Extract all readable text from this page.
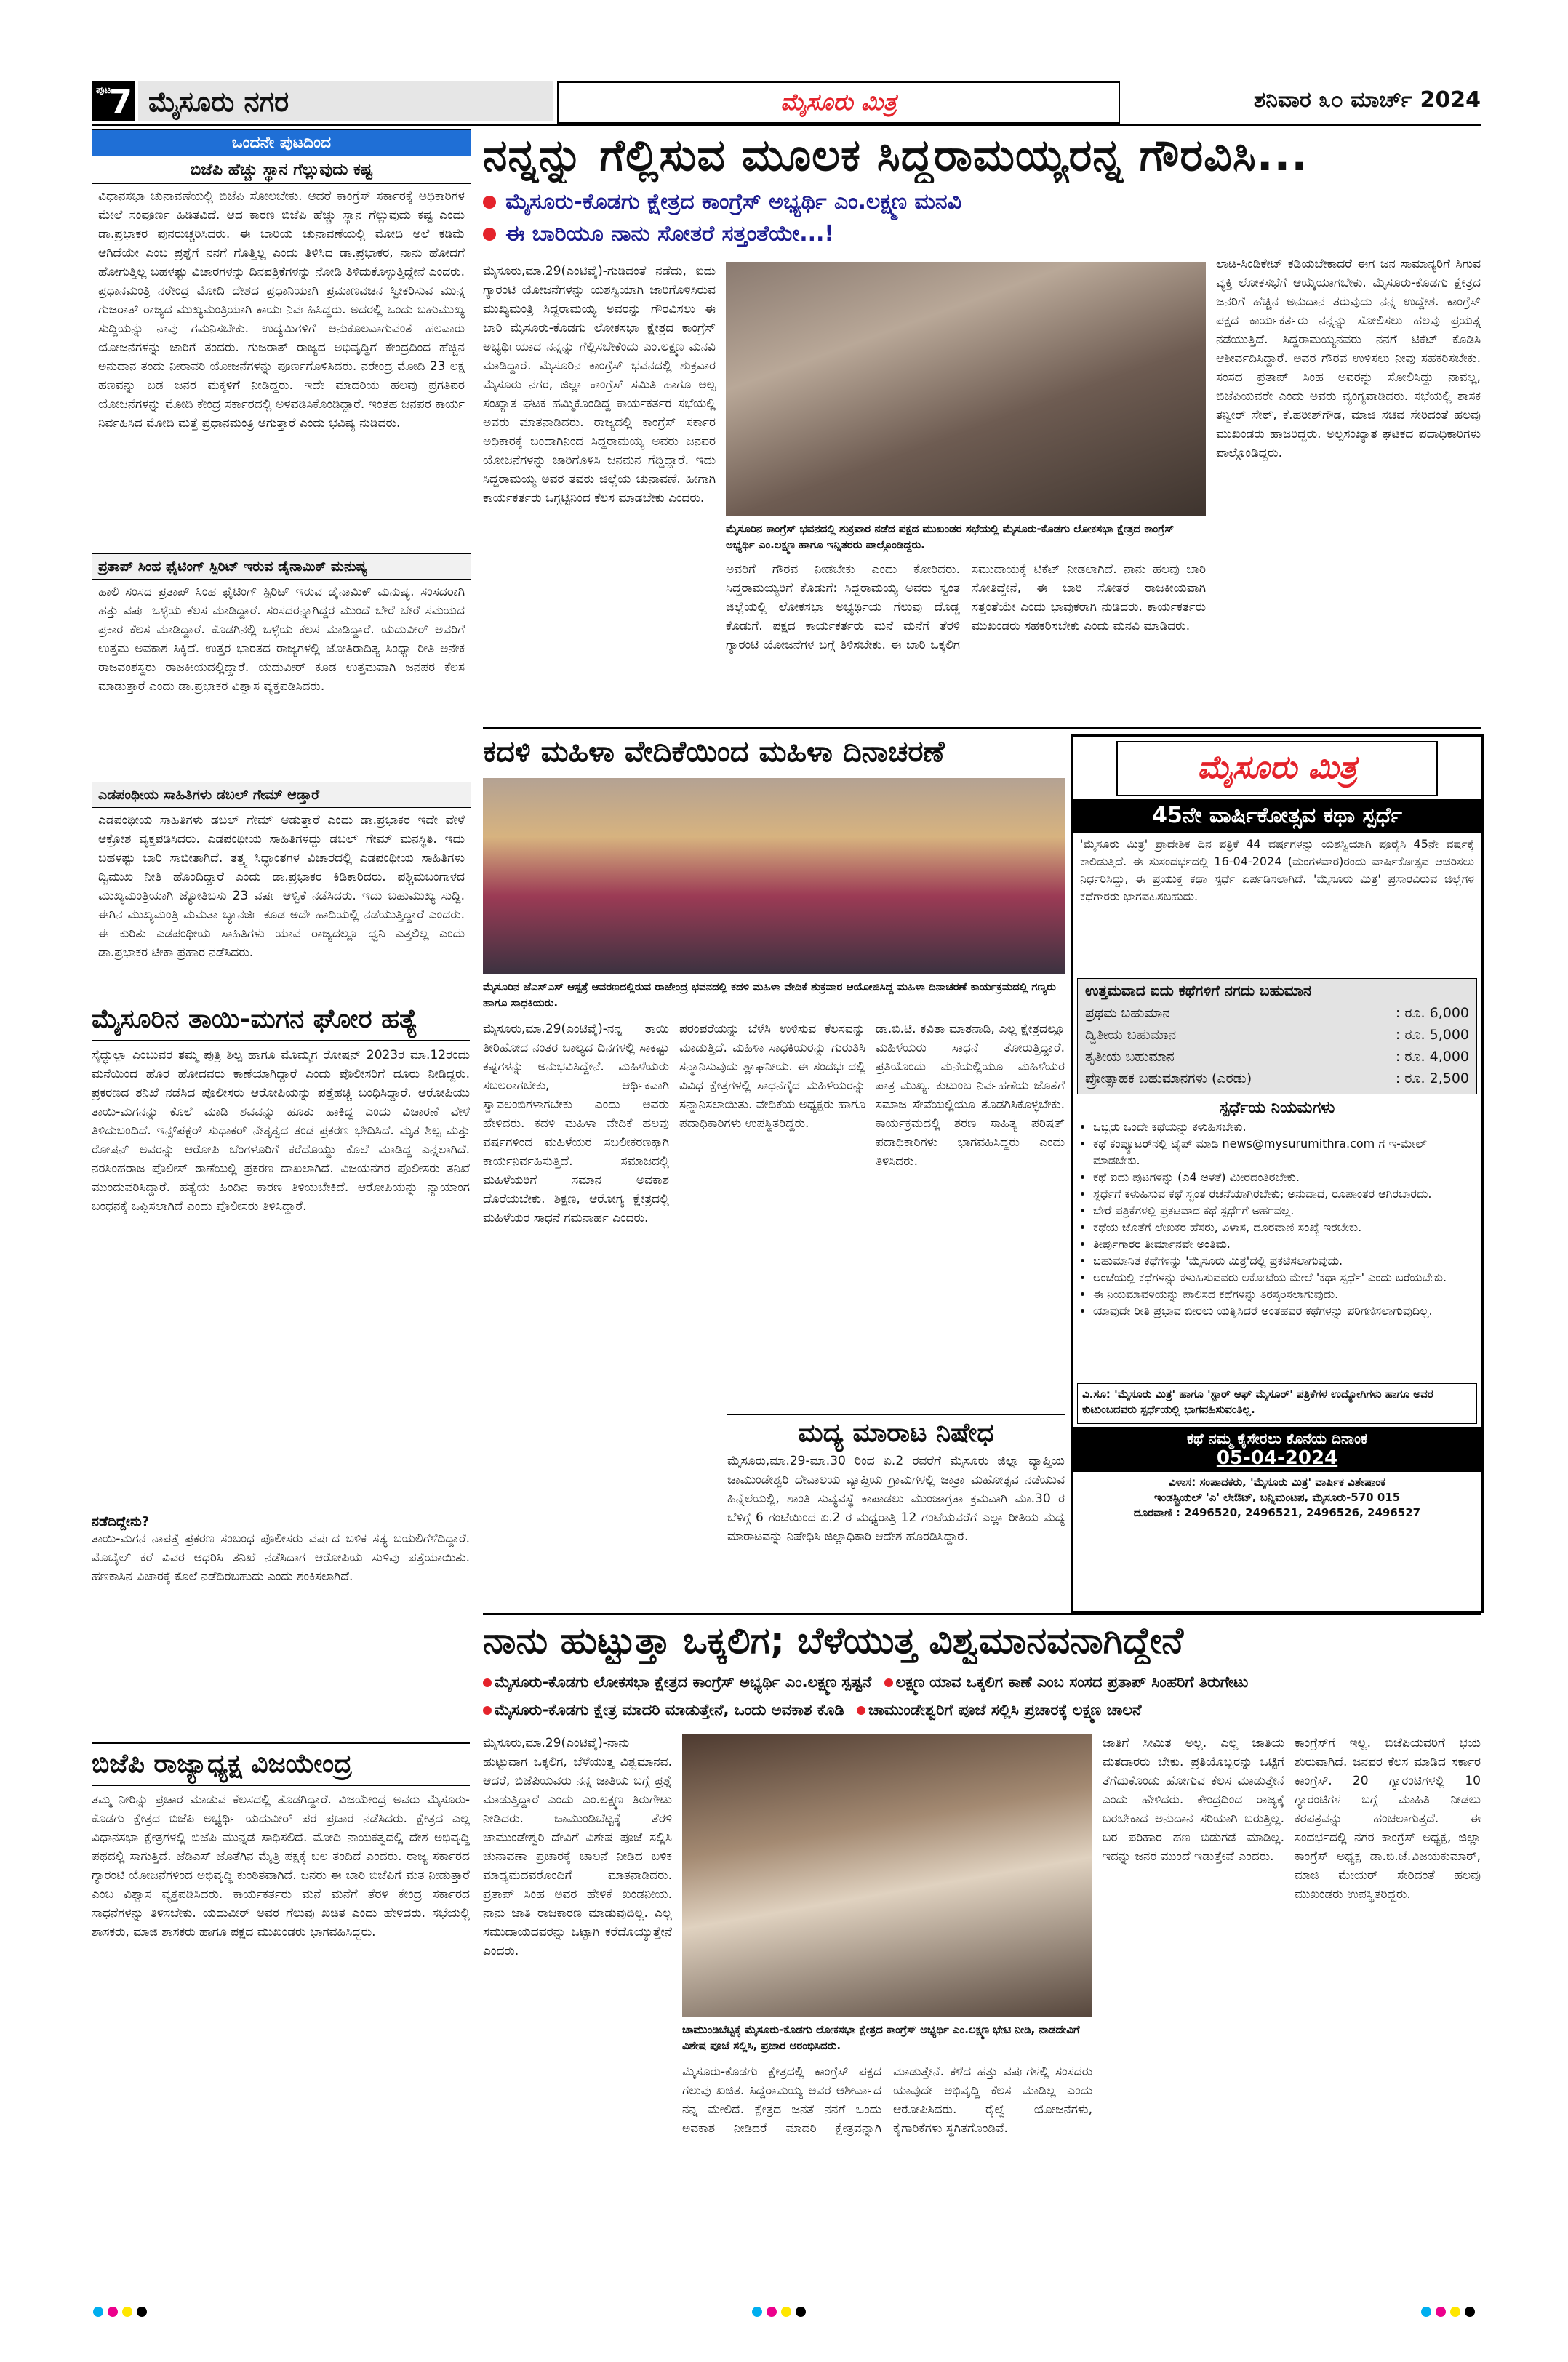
ಪುಟ
7 ಮೈಸೂರು ನಗರ	ಮೈಸೂರು ಮಿತ್ರ	ಶನಿವಾರ ೩೦ ಮಾರ್ಚ್ 2024
ಒಂದನೇ ಪುಟದಿಂದ
ಬಿಜೆಪಿ ಹೆಚ್ಚು ಸ್ಥಾನ ಗೆಲ್ಲುವುದು ಕಷ್ಟ
ವಿಧಾನಸಭಾ ಚುನಾವಣೆಯಲ್ಲಿ ಬಿಜೆಪಿ ಸೋಲಬೇಕು. ಆದರೆ ಕಾಂಗ್ರೆಸ್ ಸರ್ಕಾರಕ್ಕೆ ಅಧಿಕಾರಿಗಳ ಮೇಲೆ ಸಂಪೂರ್ಣ ಹಿಡಿತವಿದೆ. ಆದ ಕಾರಣ ಬಿಜೆಪಿ ಹೆಚ್ಚು ಸ್ಥಾನ ಗೆಲ್ಲುವುದು ಕಷ್ಟ ಎಂದು ಡಾ.ಪ್ರಭಾಕರ ಪುನರುಚ್ಚರಿಸಿದರು. ಈ ಬಾರಿಯ ಚುನಾವಣೆಯಲ್ಲಿ ಮೋದಿ ಅಲೆ ಕಡಿಮೆ ಆಗಿದೆಯೇ ಎಂಬ ಪ್ರಶ್ನೆಗೆ ನನಗೆ ಗೊತ್ತಿಲ್ಲ ಎಂದು ತಿಳಿಸಿದ ಡಾ.ಪ್ರಭಾಕರ, ನಾನು ಹೋದಗೆ ಹೋಗುತ್ತಿಲ್ಲ ಬಹಳಷ್ಟು ವಿಚಾರಗಳನ್ನು ದಿನಪತ್ರಿಕೆಗಳನ್ನು ನೋಡಿ ತಿಳಿದುಕೊಳ್ಳುತ್ತಿದ್ದೇನೆ ಎಂದರು. ಪ್ರಧಾನಮಂತ್ರಿ ನರೇಂದ್ರ ಮೋದಿ ದೇಶದ ಪ್ರಧಾನಿಯಾಗಿ ಪ್ರಮಾಣವಚನ ಸ್ವೀಕರಿಸುವ ಮುನ್ನ ಗುಜರಾತ್ ರಾಜ್ಯದ ಮುಖ್ಯಮಂತ್ರಿಯಾಗಿ ಕಾರ್ಯನಿರ್ವಹಿಸಿದ್ದರು. ಅದರಲ್ಲಿ ಒಂದು ಬಹುಮುಖ್ಯ ಸುದ್ದಿಯನ್ನು ನಾವು ಗಮನಿಸಬೇಕು. ಉದ್ಯಮಿಗಳಿಗೆ ಅನುಕೂಲವಾಗುವಂತೆ ಹಲವಾರು ಯೋಜನೆಗಳನ್ನು ಜಾರಿಗೆ ತಂದರು. ಗುಜರಾತ್ ರಾಜ್ಯದ ಅಭಿವೃದ್ಧಿಗೆ ಕೇಂದ್ರದಿಂದ ಹೆಚ್ಚಿನ ಅನುದಾನ ತಂದು ನೀರಾವರಿ ಯೋಜನೆಗಳನ್ನು ಪೂರ್ಣಗೊಳಿಸಿದರು. ನರೇಂದ್ರ ಮೋದಿ 23 ಲಕ್ಷ ಹಣವನ್ನು ಬಡ ಜನರ ಮಕ್ಕಳಿಗೆ ನೀಡಿದ್ದರು. ಇದೇ ಮಾದರಿಯ ಹಲವು ಪ್ರಗತಿಪರ ಯೋಜನೆಗಳನ್ನು ಮೋದಿ ಕೇಂದ್ರ ಸರ್ಕಾರದಲ್ಲಿ ಅಳವಡಿಸಿಕೊಂಡಿದ್ದಾರೆ. ಇಂತಹ ಜನಪರ ಕಾರ್ಯ ನಿರ್ವಹಿಸಿದ ಮೋದಿ ಮತ್ತೆ ಪ್ರಧಾನಮಂತ್ರಿ ಆಗುತ್ತಾರೆ ಎಂದು ಭವಿಷ್ಯ ನುಡಿದರು.
ಪ್ರತಾಪ್ ಸಿಂಹ ಫೈಟಿಂಗ್ ಸ್ಪಿರಿಟ್ ಇರುವ ಡೈನಾಮಿಕ್ ಮನುಷ್ಯ
ಹಾಲಿ ಸಂಸದ ಪ್ರತಾಪ್ ಸಿಂಹ ಫೈಟಿಂಗ್ ಸ್ಪಿರಿಟ್ ಇರುವ ಡೈನಾಮಿಕ್ ಮನುಷ್ಯ. ಸಂಸದರಾಗಿ ಹತ್ತು ವರ್ಷ ಒಳ್ಳೆಯ ಕೆಲಸ ಮಾಡಿದ್ದಾರೆ. ಸಂಸದರನ್ನಾಗಿದ್ದರ ಮುಂದೆ ಬೇರೆ ಬೇರೆ ಸಮಯದ ಪ್ರಕಾರ ಕೆಲಸ ಮಾಡಿದ್ದಾರೆ. ಕೊಡಗಿನಲ್ಲಿ ಒಳ್ಳೆಯ ಕೆಲಸ ಮಾಡಿದ್ದಾರೆ. ಯದುವೀರ್ ಅವರಿಗೆ ಉತ್ತಮ ಅವಕಾಶ ಸಿಕ್ಕಿದೆ. ಉತ್ತರ ಭಾರತದ ರಾಜ್ಯಗಳಲ್ಲಿ ಜೋತಿರಾದಿತ್ಯ ಸಿಂಧ್ಯಾ ರೀತಿ ಅನೇಕ ರಾಜವಂಶಸ್ಥರು ರಾಜಕೀಯದಲ್ಲಿದ್ದಾರೆ. ಯದುವೀರ್ ಕೂಡ ಉತ್ತಮವಾಗಿ ಜನಪರ ಕೆಲಸ ಮಾಡುತ್ತಾರೆ ಎಂದು ಡಾ.ಪ್ರಭಾಕರ ವಿಶ್ವಾಸ ವ್ಯಕ್ತಪಡಿಸಿದರು.
ಎಡಪಂಥೀಯ ಸಾಹಿತಿಗಳು ಡಬಲ್ ಗೇಮ್ ಆಡ್ತಾರೆ
ಎಡಪಂಥೀಯ ಸಾಹಿತಿಗಳು ಡಬಲ್ ಗೇಮ್ ಆಡುತ್ತಾರೆ ಎಂದು ಡಾ.ಪ್ರಭಾಕರ ಇದೇ ವೇಳೆ ಆಕ್ರೋಶ ವ್ಯಕ್ತಪಡಿಸಿದರು. ಎಡಪಂಥೀಯ ಸಾಹಿತಿಗಳದ್ದು ಡಬಲ್ ಗೇಮ್ ಮನಸ್ಥಿತಿ. ಇದು ಬಹಳಷ್ಟು ಬಾರಿ ಸಾಬೀತಾಗಿದೆ. ತತ್ತ್ವ ಸಿದ್ಧಾಂತಗಳ ವಿಚಾರದಲ್ಲಿ ಎಡಪಂಥೀಯ ಸಾಹಿತಿಗಳು ದ್ವಿಮುಖ ನೀತಿ ಹೊಂದಿದ್ದಾರೆ ಎಂದು ಡಾ.ಪ್ರಭಾಕರ ಕಿಡಿಕಾರಿದರು. ಪಶ್ಚಿಮಬಂಗಾಳದ ಮುಖ್ಯಮಂತ್ರಿಯಾಗಿ ಜ್ಯೋತಿಬಸು 23 ವರ್ಷ ಆಳ್ವಿಕೆ ನಡೆಸಿದರು. ಇದು ಬಹುಮುಖ್ಯ ಸುದ್ದಿ. ಈಗಿನ ಮುಖ್ಯಮಂತ್ರಿ ಮಮತಾ ಬ್ಯಾನರ್ಜಿ ಕೂಡ ಅದೇ ಹಾದಿಯಲ್ಲಿ ನಡೆಯುತ್ತಿದ್ದಾರೆ ಎಂದರು. ಈ ಕುರಿತು ಎಡಪಂಥೀಯ ಸಾಹಿತಿಗಳು ಯಾವ ರಾಜ್ಯದಲ್ಲೂ ಧ್ವನಿ ಎತ್ತಲಿಲ್ಲ ಎಂದು ಡಾ.ಪ್ರಭಾಕರ ಟೀಕಾ ಪ್ರಹಾರ ನಡೆಸಿದರು.
ಮೈಸೂರಿನ ತಾಯಿ-ಮಗನ ಘೋರ ಹತ್ಯೆ
ಸೈದ್ಧುಲ್ಲಾ ಎಂಬುವರ ತಮ್ಮ ಪುತ್ರಿ ಶಿಲ್ಪ ಹಾಗೂ ಮೊಮ್ಮಗ ರೋಷನ್ 2023ರ ಮಾ.12ರಂದು ಮನೆಯಿಂದ ಹೊರ ಹೋದವರು ಕಾಣೆಯಾಗಿದ್ದಾರೆ ಎಂದು ಪೊಲೀಸರಿಗೆ ದೂರು ನೀಡಿದ್ದರು. ಪ್ರಕರಣದ ತನಿಖೆ ನಡೆಸಿದ ಪೊಲೀಸರು ಆರೋಪಿಯನ್ನು ಪತ್ತೆಹಚ್ಚಿ ಬಂಧಿಸಿದ್ದಾರೆ. ಆರೋಪಿಯು ತಾಯಿ-ಮಗನನ್ನು ಕೊಲೆ ಮಾಡಿ ಶವವನ್ನು ಹೂತು ಹಾಕಿದ್ದ ಎಂದು ವಿಚಾರಣೆ ವೇಳೆ ತಿಳಿದುಬಂದಿದೆ. ಇನ್ಸ್‌ಪೆಕ್ಟರ್ ಸುಧಾಕರ್ ನೇತೃತ್ವದ ತಂಡ ಪ್ರಕರಣ ಭೇದಿಸಿದೆ. ಮೃತ ಶಿಲ್ಪ ಮತ್ತು ರೋಷನ್ ಅವರನ್ನು ಆರೋಪಿ ಬೆಂಗಳೂರಿಗೆ ಕರೆದೊಯ್ದು ಕೊಲೆ ಮಾಡಿದ್ದ ಎನ್ನಲಾಗಿದೆ. ನರಸಿಂಹರಾಜ ಪೊಲೀಸ್ ಠಾಣೆಯಲ್ಲಿ ಪ್ರಕರಣ ದಾಖಲಾಗಿದೆ. ವಿಜಯನಗರ ಪೊಲೀಸರು ತನಿಖೆ ಮುಂದುವರಿಸಿದ್ದಾರೆ. ಹತ್ಯೆಯ ಹಿಂದಿನ ಕಾರಣ ತಿಳಿಯಬೇಕಿದೆ. ಆರೋಪಿಯನ್ನು ನ್ಯಾಯಾಂಗ ಬಂಧನಕ್ಕೆ ಒಪ್ಪಿಸಲಾಗಿದೆ ಎಂದು ಪೊಲೀಸರು ತಿಳಿಸಿದ್ದಾರೆ.
ನಡೆದಿದ್ದೇನು?
ತಾಯಿ-ಮಗನ ನಾಪತ್ತೆ ಪ್ರಕರಣ ಸಂಬಂಧ ಪೊಲೀಸರು ವರ್ಷದ ಬಳಿಕ ಸತ್ಯ ಬಯಲಿಗೆಳೆದಿದ್ದಾರೆ. ಮೊಬೈಲ್ ಕರೆ ವಿವರ ಆಧರಿಸಿ ತನಿಖೆ ನಡೆಸಿದಾಗ ಆರೋಪಿಯ ಸುಳಿವು ಪತ್ತೆಯಾಯಿತು. ಹಣಕಾಸಿನ ವಿಚಾರಕ್ಕೆ ಕೊಲೆ ನಡೆದಿರಬಹುದು ಎಂದು ಶಂಕಿಸಲಾಗಿದೆ.
ಬಿಜೆಪಿ ರಾಜ್ಯಾಧ್ಯಕ್ಷ ವಿಜಯೇಂದ್ರ
ತಮ್ಮ ನೀರಿನ್ನು ಪ್ರಚಾರ ಮಾಡುವ ಕೆಲಸದಲ್ಲಿ ತೊಡಗಿದ್ದಾರೆ. ವಿಜಯೇಂದ್ರ ಅವರು ಮೈಸೂರು-ಕೊಡಗು ಕ್ಷೇತ್ರದ ಬಿಜೆಪಿ ಅಭ್ಯರ್ಥಿ ಯದುವೀರ್ ಪರ ಪ್ರಚಾರ ನಡೆಸಿದರು. ಕ್ಷೇತ್ರದ ಎಲ್ಲ ವಿಧಾನಸಭಾ ಕ್ಷೇತ್ರಗಳಲ್ಲಿ ಬಿಜೆಪಿ ಮುನ್ನಡೆ ಸಾಧಿಸಲಿದೆ. ಮೋದಿ ನಾಯಕತ್ವದಲ್ಲಿ ದೇಶ ಅಭಿವೃದ್ಧಿ ಪಥದಲ್ಲಿ ಸಾಗುತ್ತಿದೆ. ಜೆಡಿಎಸ್ ಜೊತೆಗಿನ ಮೈತ್ರಿ ಪಕ್ಷಕ್ಕೆ ಬಲ ತಂದಿದೆ ಎಂದರು. ರಾಜ್ಯ ಸರ್ಕಾರದ ಗ್ಯಾರಂಟಿ ಯೋಜನೆಗಳಿಂದ ಅಭಿವೃದ್ಧಿ ಕುಂಠಿತವಾಗಿದೆ. ಜನರು ಈ ಬಾರಿ ಬಿಜೆಪಿಗೆ ಮತ ನೀಡುತ್ತಾರೆ ಎಂಬ ವಿಶ್ವಾಸ ವ್ಯಕ್ತಪಡಿಸಿದರು. ಕಾರ್ಯಕರ್ತರು ಮನೆ ಮನೆಗೆ ತೆರಳಿ ಕೇಂದ್ರ ಸರ್ಕಾರದ ಸಾಧನೆಗಳನ್ನು ತಿಳಿಸಬೇಕು. ಯದುವೀರ್ ಅವರ ಗೆಲುವು ಖಚಿತ ಎಂದು ಹೇಳಿದರು. ಸಭೆಯಲ್ಲಿ ಶಾಸಕರು, ಮಾಜಿ ಶಾಸಕರು ಹಾಗೂ ಪಕ್ಷದ ಮುಖಂಡರು ಭಾಗವಹಿಸಿದ್ದರು.
ನನ್ನನ್ನು ಗೆಲ್ಲಿಸುವ ಮೂಲಕ ಸಿದ್ದರಾಮಯ್ಯರನ್ನ ಗೌರವಿಸಿ...
ಮೈಸೂರು-ಕೊಡಗು ಕ್ಷೇತ್ರದ ಕಾಂಗ್ರೆಸ್ ಅಭ್ಯರ್ಥಿ ಎಂ.ಲಕ್ಷ್ಮಣ ಮನವಿ
ಈ ಬಾರಿಯೂ ನಾನು ಸೋತರೆ ಸತ್ತಂತೆಯೇ...!
ಮೈಸೂರು,ಮಾ.29(ಎಂಟಿವೈ)-ಗುಡಿದಂತೆ ನಡೆದು, ಐದು ಗ್ಯಾರಂಟಿ ಯೋಜನೆಗಳನ್ನು ಯಶಸ್ವಿಯಾಗಿ ಜಾರಿಗೊಳಿಸಿರುವ ಮುಖ್ಯಮಂತ್ರಿ ಸಿದ್ದರಾಮಯ್ಯ ಅವರನ್ನು ಗೌರವಿಸಲು ಈ ಬಾರಿ ಮೈಸೂರು-ಕೊಡಗು ಲೋಕಸಭಾ ಕ್ಷೇತ್ರದ ಕಾಂಗ್ರೆಸ್ ಅಭ್ಯರ್ಥಿಯಾದ ನನ್ನನ್ನು ಗೆಲ್ಲಿಸಬೇಕೆಂದು ಎಂ.ಲಕ್ಷ್ಮಣ ಮನವಿ ಮಾಡಿದ್ದಾರೆ. ಮೈಸೂರಿನ ಕಾಂಗ್ರೆಸ್ ಭವನದಲ್ಲಿ ಶುಕ್ರವಾರ ಮೈಸೂರು ನಗರ, ಜಿಲ್ಲಾ ಕಾಂಗ್ರೆಸ್ ಸಮಿತಿ ಹಾಗೂ ಅಲ್ಪ ಸಂಖ್ಯಾತ ಘಟಕ ಹಮ್ಮಿಕೊಂಡಿದ್ದ ಕಾರ್ಯಕರ್ತರ ಸಭೆಯಲ್ಲಿ ಅವರು ಮಾತನಾಡಿದರು. ರಾಜ್ಯದಲ್ಲಿ ಕಾಂಗ್ರೆಸ್ ಸರ್ಕಾರ ಅಧಿಕಾರಕ್ಕೆ ಬಂದಾಗಿನಿಂದ ಸಿದ್ದರಾಮಯ್ಯ ಅವರು ಜನಪರ ಯೋಜನೆಗಳನ್ನು ಜಾರಿಗೊಳಿಸಿ ಜನಮನ ಗೆದ್ದಿದ್ದಾರೆ. ಇದು ಸಿದ್ದರಾಮಯ್ಯ ಅವರ ತವರು ಜಿಲ್ಲೆಯ ಚುನಾವಣೆ. ಹೀಗಾಗಿ ಕಾರ್ಯಕರ್ತರು ಒಗ್ಗಟ್ಟಿನಿಂದ ಕೆಲಸ ಮಾಡಬೇಕು ಎಂದರು.
ಮೈಸೂರಿನ ಕಾಂಗ್ರೆಸ್ ಭವನದಲ್ಲಿ ಶುಕ್ರವಾರ ನಡೆದ ಪಕ್ಷದ ಮುಖಂಡರ ಸಭೆಯಲ್ಲಿ ಮೈಸೂರು-ಕೊಡಗು ಲೋಕಸಭಾ ಕ್ಷೇತ್ರದ ಕಾಂಗ್ರೆಸ್ ಅಭ್ಯರ್ಥಿ ಎಂ.ಲಕ್ಷ್ಮಣ ಹಾಗೂ ಇನ್ನಿತರರು ಪಾಲ್ಗೊಂಡಿದ್ದರು.
ಅವರಿಗೆ ಗೌರವ ನೀಡಬೇಕು ಎಂದು ಕೋರಿದರು. ಸಿದ್ದರಾಮಯ್ಯರಿಗೆ ಕೊಡುಗೆ: ಸಿದ್ದರಾಮಯ್ಯ ಅವರು ಸ್ವಂತ ಜಿಲ್ಲೆಯಲ್ಲಿ ಲೋಕಸಭಾ ಅಭ್ಯರ್ಥಿಯ ಗೆಲುವು ದೊಡ್ಡ ಕೊಡುಗೆ. ಪಕ್ಷದ ಕಾರ್ಯಕರ್ತರು ಮನೆ ಮನೆಗೆ ತೆರಳಿ ಗ್ಯಾರಂಟಿ ಯೋಜನೆಗಳ ಬಗ್ಗೆ ತಿಳಿಸಬೇಕು. ಈ ಬಾರಿ ಒಕ್ಕಲಿಗ ಸಮುದಾಯಕ್ಕೆ ಟಿಕೆಟ್ ನೀಡಲಾಗಿದೆ. ನಾನು ಹಲವು ಬಾರಿ ಸೋತಿದ್ದೇನೆ, ಈ ಬಾರಿ ಸೋತರೆ ರಾಜಕೀಯವಾಗಿ ಸತ್ತಂತೆಯೇ ಎಂದು ಭಾವುಕರಾಗಿ ನುಡಿದರು. ಕಾರ್ಯಕರ್ತರು ಮುಖಂಡರು ಸಹಕರಿಸಬೇಕು ಎಂದು ಮನವಿ ಮಾಡಿದರು.
ಲಾಟ-ಸಿಂಡಿಕೇಟ್ ಕಡಿಯಬೇಕಾದರೆ ಈಗ ಜನ ಸಾಮಾನ್ಯರಿಗೆ ಸಿಗುವ ವ್ಯಕ್ತಿ ಲೋಕಸಭೆಗೆ ಆಯ್ಕೆಯಾಗಬೇಕು. ಮೈಸೂರು-ಕೊಡಗು ಕ್ಷೇತ್ರದ ಜನರಿಗೆ ಹೆಚ್ಚಿನ ಅನುದಾನ ತರುವುದು ನನ್ನ ಉದ್ದೇಶ. ಕಾಂಗ್ರೆಸ್ ಪಕ್ಷದ ಕಾರ್ಯಕರ್ತರು ನನ್ನನ್ನು ಸೋಲಿಸಲು ಹಲವು ಪ್ರಯತ್ನ ನಡೆಯುತ್ತಿದೆ. ಸಿದ್ದರಾಮಯ್ಯನವರು ನನಗೆ ಟಿಕೆಟ್ ಕೊಡಿಸಿ ಆಶೀರ್ವದಿಸಿದ್ದಾರೆ. ಅವರ ಗೌರವ ಉಳಿಸಲು ನೀವು ಸಹಕರಿಸಬೇಕು. ಸಂಸದ ಪ್ರತಾಪ್ ಸಿಂಹ ಅವರನ್ನು ಸೋಲಿಸಿದ್ದು ನಾವಲ್ಲ, ಬಿಜೆಪಿಯವರೇ ಎಂದು ಅವರು ವ್ಯಂಗ್ಯವಾಡಿದರು. ಸಭೆಯಲ್ಲಿ ಶಾಸಕ ತನ್ವೀರ್ ಸೇಠ್, ಕೆ.ಹರೀಶ್‌ಗೌಡ, ಮಾಜಿ ಸಚಿವ ಸೇರಿದಂತೆ ಹಲವು ಮುಖಂಡರು ಹಾಜರಿದ್ದರು. ಅಲ್ಪಸಂಖ್ಯಾತ ಘಟಕದ ಪದಾಧಿಕಾರಿಗಳು ಪಾಲ್ಗೊಂಡಿದ್ದರು.
ಕದಳಿ ಮಹಿಳಾ ವೇದಿಕೆಯಿಂದ ಮಹಿಳಾ ದಿನಾಚರಣೆ
ಮೈಸೂರಿನ ಜೆಎಸ್‌ಎಸ್ ಆಸ್ಪತ್ರೆ ಆವರಣದಲ್ಲಿರುವ ರಾಜೇಂದ್ರ ಭವನದಲ್ಲಿ ಕದಳಿ ಮಹಿಳಾ ವೇದಿಕೆ ಶುಕ್ರವಾರ ಆಯೋಜಿಸಿದ್ದ ಮಹಿಳಾ ದಿನಾಚರಣೆ ಕಾರ್ಯಕ್ರಮದಲ್ಲಿ ಗಣ್ಯರು ಹಾಗೂ ಸಾಧಕಿಯರು.
ಮೈಸೂರು,ಮಾ.29(ಎಂಟಿವೈ)-ನನ್ನ ತಾಯಿ ತೀರಿಹೋದ ನಂತರ ಬಾಲ್ಯದ ದಿನಗಳಲ್ಲಿ ಸಾಕಷ್ಟು ಕಷ್ಟಗಳನ್ನು ಅನುಭವಿಸಿದ್ದೇನೆ. ಮಹಿಳೆಯರು ಸಬಲರಾಗಬೇಕು, ಆರ್ಥಿಕವಾಗಿ ಸ್ವಾವಲಂಬಿಗಳಾಗಬೇಕು ಎಂದು ಅವರು ಹೇಳಿದರು. ಕದಳಿ ಮಹಿಳಾ ವೇದಿಕೆ ಹಲವು ವರ್ಷಗಳಿಂದ ಮಹಿಳೆಯರ ಸಬಲೀಕರಣಕ್ಕಾಗಿ ಕಾರ್ಯನಿರ್ವಹಿಸುತ್ತಿದೆ. ಸಮಾಜದಲ್ಲಿ ಮಹಿಳೆಯರಿಗೆ ಸಮಾನ ಅವಕಾಶ ದೊರೆಯಬೇಕು. ಶಿಕ್ಷಣ, ಆರೋಗ್ಯ ಕ್ಷೇತ್ರದಲ್ಲಿ ಮಹಿಳೆಯರ ಸಾಧನೆ ಗಮನಾರ್ಹ ಎಂದರು.
ಪರಂಪರೆಯನ್ನು ಬೆಳೆಸಿ ಉಳಿಸುವ ಕೆಲಸವನ್ನು ಮಾಡುತ್ತಿದೆ. ಮಹಿಳಾ ಸಾಧಕಿಯರನ್ನು ಗುರುತಿಸಿ ಸನ್ಮಾನಿಸುವುದು ಶ್ಲಾಘನೀಯ. ಈ ಸಂದರ್ಭದಲ್ಲಿ ವಿವಿಧ ಕ್ಷೇತ್ರಗಳಲ್ಲಿ ಸಾಧನೆಗೈದ ಮಹಿಳೆಯರನ್ನು ಸನ್ಮಾನಿಸಲಾಯಿತು. ವೇದಿಕೆಯ ಅಧ್ಯಕ್ಷರು ಹಾಗೂ ಪದಾಧಿಕಾರಿಗಳು ಉಪಸ್ಥಿತರಿದ್ದರು.
ಡಾ.ಬಿ.ಟಿ. ಕವಿತಾ ಮಾತನಾಡಿ, ಎಲ್ಲ ಕ್ಷೇತ್ರದಲ್ಲೂ ಮಹಿಳೆಯರು ಸಾಧನೆ ತೋರುತ್ತಿದ್ದಾರೆ. ಪ್ರತಿಯೊಂದು ಮನೆಯಲ್ಲಿಯೂ ಮಹಿಳೆಯರ ಪಾತ್ರ ಮುಖ್ಯ. ಕುಟುಂಬ ನಿರ್ವಹಣೆಯ ಜೊತೆಗೆ ಸಮಾಜ ಸೇವೆಯಲ್ಲಿಯೂ ತೊಡಗಿಸಿಕೊಳ್ಳಬೇಕು. ಕಾರ್ಯಕ್ರಮದಲ್ಲಿ ಶರಣ ಸಾಹಿತ್ಯ ಪರಿಷತ್ ಪದಾಧಿಕಾರಿಗಳು ಭಾಗವಹಿಸಿದ್ದರು ಎಂದು ತಿಳಿಸಿದರು.
ಮದ್ಯ ಮಾರಾಟ ನಿಷೇಧ
ಮೈಸೂರು,ಮಾ.29-ಮಾ.30 ರಿಂದ ಏ.2 ರವರೆಗೆ ಮೈಸೂರು ಜಿಲ್ಲಾ ವ್ಯಾಪ್ತಿಯ ಚಾಮುಂಡೇಶ್ವರಿ ದೇವಾಲಯ ವ್ಯಾಪ್ತಿಯ ಗ್ರಾಮಗಳಲ್ಲಿ ಜಾತ್ರಾ ಮಹೋತ್ಸವ ನಡೆಯುವ ಹಿನ್ನೆಲೆಯಲ್ಲಿ, ಶಾಂತಿ ಸುವ್ಯವಸ್ಥೆ ಕಾಪಾಡಲು ಮುಂಜಾಗ್ರತಾ ಕ್ರಮವಾಗಿ ಮಾ.30 ರ ಬೆಳಿಗ್ಗೆ 6 ಗಂಟೆಯಿಂದ ಏ.2 ರ ಮಧ್ಯರಾತ್ರಿ 12 ಗಂಟೆಯವರೆಗೆ ಎಲ್ಲಾ ರೀತಿಯ ಮದ್ಯ ಮಾರಾಟವನ್ನು ನಿಷೇಧಿಸಿ ಜಿಲ್ಲಾಧಿಕಾರಿ ಆದೇಶ ಹೊರಡಿಸಿದ್ದಾರೆ.
ಮೈಸೂರು ಮಿತ್ರ
45ನೇ ವಾರ್ಷಿಕೋತ್ಸವ ಕಥಾ ಸ್ಪರ್ಧೆ
'ಮೈಸೂರು ಮಿತ್ರ' ಪ್ರಾದೇಶಿಕ ದಿನ ಪತ್ರಿಕೆ 44 ವರ್ಷಗಳನ್ನು ಯಶಸ್ವಿಯಾಗಿ ಪೂರೈಸಿ 45ನೇ ವರ್ಷಕ್ಕೆ ಕಾಲಿಡುತ್ತಿದೆ. ಈ ಸುಸಂದರ್ಭದಲ್ಲಿ 16-04-2024 (ಮಂಗಳವಾರ)ರಂದು ವಾರ್ಷಿಕೋತ್ಸವ ಆಚರಿಸಲು ನಿರ್ಧರಿಸಿದ್ದು, ಈ ಪ್ರಯುಕ್ತ ಕಥಾ ಸ್ಪರ್ಧೆ ಏರ್ಪಡಿಸಲಾಗಿದೆ. 'ಮೈಸೂರು ಮಿತ್ರ' ಪ್ರಸಾರವಿರುವ ಜಿಲ್ಲೆಗಳ ಕಥೆಗಾರರು ಭಾಗವಹಿಸಬಹುದು.
ಉತ್ತಮವಾದ ಐದು ಕಥೆಗಳಿಗೆ ನಗದು ಬಹುಮಾನ
ಪ್ರಥಮ ಬಹುಮಾನ	: ರೂ. 6,000
ದ್ವಿತೀಯ ಬಹುಮಾನ	: ರೂ. 5,000
ತೃತೀಯ ಬಹುಮಾನ	: ರೂ. 4,000
ಪ್ರೋತ್ಸಾಹಕ ಬಹುಮಾನಗಳು (ಎರಡು)	: ರೂ. 2,500
ಸ್ಪರ್ಧೆಯ ನಿಯಮಗಳು
• ಒಬ್ಬರು ಒಂದೇ ಕಥೆಯನ್ನು ಕಳುಹಿಸಬೇಕು.
• ಕಥೆ ಕಂಪ್ಯೂಟರ್‌ನಲ್ಲಿ ಟೈಪ್ ಮಾಡಿ news@mysurumithra.com ಗೆ ಇ-ಮೇಲ್ ಮಾಡಬೇಕು.
• ಕಥೆ ಐದು ಪುಟಗಳನ್ನು (ಎ4 ಅಳತೆ) ಮೀರದಂತಿರಬೇಕು.
• ಸ್ಪರ್ಧೆಗೆ ಕಳುಹಿಸುವ ಕಥೆ ಸ್ವಂತ ರಚನೆಯಾಗಿರಬೇಕು; ಅನುವಾದ, ರೂಪಾಂತರ ಆಗಿರಬಾರದು.
• ಬೇರೆ ಪತ್ರಿಕೆಗಳಲ್ಲಿ ಪ್ರಕಟವಾದ ಕಥೆ ಸ್ಪರ್ಧೆಗೆ ಅರ್ಹವಲ್ಲ.
• ಕಥೆಯ ಜೊತೆಗೆ ಲೇಖಕರ ಹೆಸರು, ವಿಳಾಸ, ದೂರವಾಣಿ ಸಂಖ್ಯೆ ಇರಬೇಕು.
• ತೀರ್ಪುಗಾರರ ತೀರ್ಮಾನವೇ ಅಂತಿಮ.
• ಬಹುಮಾನಿತ ಕಥೆಗಳನ್ನು 'ಮೈಸೂರು ಮಿತ್ರ'ದಲ್ಲಿ ಪ್ರಕಟಿಸಲಾಗುವುದು.
• ಅಂಚೆಯಲ್ಲಿ ಕಥೆಗಳನ್ನು ಕಳುಹಿಸುವವರು ಲಕೋಟೆಯ ಮೇಲೆ 'ಕಥಾ ಸ್ಪರ್ಧೆ' ಎಂದು ಬರೆಯಬೇಕು.
• ಈ ನಿಯಮಾವಳಿಯನ್ನು ಪಾಲಿಸದ ಕಥೆಗಳನ್ನು ತಿರಸ್ಕರಿಸಲಾಗುವುದು.
• ಯಾವುದೇ ರೀತಿ ಪ್ರಭಾವ ಬೀರಲು ಯತ್ನಿಸಿದರೆ ಅಂತಹವರ ಕಥೆಗಳನ್ನು ಪರಿಗಣಿಸಲಾಗುವುದಿಲ್ಲ.
ವಿ.ಸೂ: 'ಮೈಸೂರು ಮಿತ್ರ' ಹಾಗೂ 'ಸ್ಟಾರ್ ಆಫ್ ಮೈಸೂರ್' ಪತ್ರಿಕೆಗಳ ಉದ್ಯೋಗಿಗಳು ಹಾಗೂ ಅವರ ಕುಟುಂಬದವರು ಸ್ಪರ್ಧೆಯಲ್ಲಿ ಭಾಗವಹಿಸುವಂತಿಲ್ಲ.
ಕಥೆ ನಮ್ಮ ಕೈಸೇರಲು ಕೊನೆಯ ದಿನಾಂಕ
05-04-2024
ವಿಳಾಸ: ಸಂಪಾದಕರು, 'ಮೈಸೂರು ಮಿತ್ರ' ವಾರ್ಷಿಕ ವಿಶೇಷಾಂಕ
ಇಂಡಸ್ಟ್ರಿಯಲ್ 'ಎ' ಲೇಔಟ್, ಬನ್ನಿಮಂಟಪ, ಮೈಸೂರು-570 015
ದೂರವಾಣಿ : 2496520, 2496521, 2496526, 2496527
ನಾನು ಹುಟ್ಟುತ್ತಾ ಒಕ್ಕಲಿಗ; ಬೆಳೆಯುತ್ತ ವಿಶ್ವಮಾನವನಾಗಿದ್ದೇನೆ
ಮೈಸೂರು-ಕೊಡಗು ಲೋಕಸಭಾ ಕ್ಷೇತ್ರದ ಕಾಂಗ್ರೆಸ್ ಅಭ್ಯರ್ಥಿ ಎಂ.ಲಕ್ಷ್ಮಣ ಸ್ಪಷ್ಟನೆ ಲಕ್ಷ್ಮಣ ಯಾವ ಒಕ್ಕಲಿಗ ಕಾಣೆ ಎಂಬ ಸಂಸದ ಪ್ರತಾಪ್ ಸಿಂಹರಿಗೆ ತಿರುಗೇಟು
ಮೈಸೂರು-ಕೊಡಗು ಕ್ಷೇತ್ರ ಮಾದರಿ ಮಾಡುತ್ತೇನೆ, ಒಂದು ಅವಕಾಶ ಕೊಡಿ ಚಾಮುಂಡೇಶ್ವರಿಗೆ ಪೂಜೆ ಸಲ್ಲಿಸಿ ಪ್ರಚಾರಕ್ಕೆ ಲಕ್ಷ್ಮಣ ಚಾಲನೆ
ಮೈಸೂರು,ಮಾ.29(ಎಂಟಿವೈ)-ನಾನು ಹುಟ್ಟುವಾಗ ಒಕ್ಕಲಿಗ, ಬೆಳೆಯುತ್ತ ವಿಶ್ವಮಾನವ. ಆದರೆ, ಬಿಜೆಪಿಯವರು ನನ್ನ ಜಾತಿಯ ಬಗ್ಗೆ ಪ್ರಶ್ನೆ ಮಾಡುತ್ತಿದ್ದಾರೆ ಎಂದು ಎಂ.ಲಕ್ಷ್ಮಣ ತಿರುಗೇಟು ನೀಡಿದರು. ಚಾಮುಂಡಿಬೆಟ್ಟಕ್ಕೆ ತೆರಳಿ ಚಾಮುಂಡೇಶ್ವರಿ ದೇವಿಗೆ ವಿಶೇಷ ಪೂಜೆ ಸಲ್ಲಿಸಿ ಚುನಾವಣಾ ಪ್ರಚಾರಕ್ಕೆ ಚಾಲನೆ ನೀಡಿದ ಬಳಿಕ ಮಾಧ್ಯಮದವರೊಂದಿಗೆ ಮಾತನಾಡಿದರು. ಪ್ರತಾಪ್ ಸಿಂಹ ಅವರ ಹೇಳಿಕೆ ಖಂಡನೀಯ. ನಾನು ಜಾತಿ ರಾಜಕಾರಣ ಮಾಡುವುದಿಲ್ಲ. ಎಲ್ಲ ಸಮುದಾಯದವರನ್ನು ಒಟ್ಟಾಗಿ ಕರೆದೊಯ್ಯುತ್ತೇನೆ ಎಂದರು.
ಚಾಮುಂಡಿಬೆಟ್ಟಕ್ಕೆ ಮೈಸೂರು-ಕೊಡಗು ಲೋಕಸಭಾ ಕ್ಷೇತ್ರದ ಕಾಂಗ್ರೆಸ್ ಅಭ್ಯರ್ಥಿ ಎಂ.ಲಕ್ಷ್ಮಣ ಭೇಟಿ ನೀಡಿ, ನಾಡದೇವಿಗೆ ವಿಶೇಷ ಪೂಜೆ ಸಲ್ಲಿಸಿ, ಪ್ರಚಾರ ಆರಂಭಿಸಿದರು.
ಮೈಸೂರು-ಕೊಡಗು ಕ್ಷೇತ್ರದಲ್ಲಿ ಕಾಂಗ್ರೆಸ್ ಪಕ್ಷದ ಗೆಲುವು ಖಚಿತ. ಸಿದ್ದರಾಮಯ್ಯ ಅವರ ಆಶೀರ್ವಾದ ನನ್ನ ಮೇಲಿದೆ. ಕ್ಷೇತ್ರದ ಜನತೆ ನನಗೆ ಒಂದು ಅವಕಾಶ ನೀಡಿದರೆ ಮಾದರಿ ಕ್ಷೇತ್ರವನ್ನಾಗಿ ಮಾಡುತ್ತೇನೆ. ಕಳೆದ ಹತ್ತು ವರ್ಷಗಳಲ್ಲಿ ಸಂಸದರು ಯಾವುದೇ ಅಭಿವೃದ್ಧಿ ಕೆಲಸ ಮಾಡಿಲ್ಲ ಎಂದು ಆರೋಪಿಸಿದರು. ರೈಲ್ವೆ ಯೋಜನೆಗಳು, ಕೈಗಾರಿಕೆಗಳು ಸ್ಥಗಿತಗೊಂಡಿವೆ.
ಜಾತಿಗೆ ಸೀಮಿತ ಅಲ್ಲ. ಎಲ್ಲ ಜಾತಿಯ ಮತದಾರರು ಬೇಕು. ಪ್ರತಿಯೊಬ್ಬರನ್ನು ಒಟ್ಟಿಗೆ ತೆಗೆದುಕೊಂಡು ಹೋಗುವ ಕೆಲಸ ಮಾಡುತ್ತೇನೆ ಎಂದು ಹೇಳಿದರು. ಕೇಂದ್ರದಿಂದ ರಾಜ್ಯಕ್ಕೆ ಬರಬೇಕಾದ ಅನುದಾನ ಸರಿಯಾಗಿ ಬರುತ್ತಿಲ್ಲ. ಬರ ಪರಿಹಾರ ಹಣ ಬಿಡುಗಡೆ ಮಾಡಿಲ್ಲ. ಇದನ್ನು ಜನರ ಮುಂದೆ ಇಡುತ್ತೇವೆ ಎಂದರು.
ಕಾಂಗ್ರೆಸ್‌ಗೆ ಇಲ್ಲ. ಬಿಜೆಪಿಯವರಿಗೆ ಭಯ ಶುರುವಾಗಿದೆ. ಜನಪರ ಕೆಲಸ ಮಾಡಿದ ಸರ್ಕಾರ ಕಾಂಗ್ರೆಸ್. 20 ಗ್ಯಾರಂಟಿಗಳಲ್ಲಿ 10 ಗ್ಯಾರಂಟಿಗಳ ಬಗ್ಗೆ ಮಾಹಿತಿ ನೀಡಲು ಕರಪತ್ರವನ್ನು ಹಂಚಲಾಗುತ್ತದೆ. ಈ ಸಂದರ್ಭದಲ್ಲಿ ನಗರ ಕಾಂಗ್ರೆಸ್ ಅಧ್ಯಕ್ಷ, ಜಿಲ್ಲಾ ಕಾಂಗ್ರೆಸ್ ಅಧ್ಯಕ್ಷ ಡಾ.ಬಿ.ಜೆ.ವಿಜಯಕುಮಾರ್, ಮಾಜಿ ಮೇಯರ್ ಸೇರಿದಂತೆ ಹಲವು ಮುಖಂಡರು ಉಪಸ್ಥಿತರಿದ್ದರು.
